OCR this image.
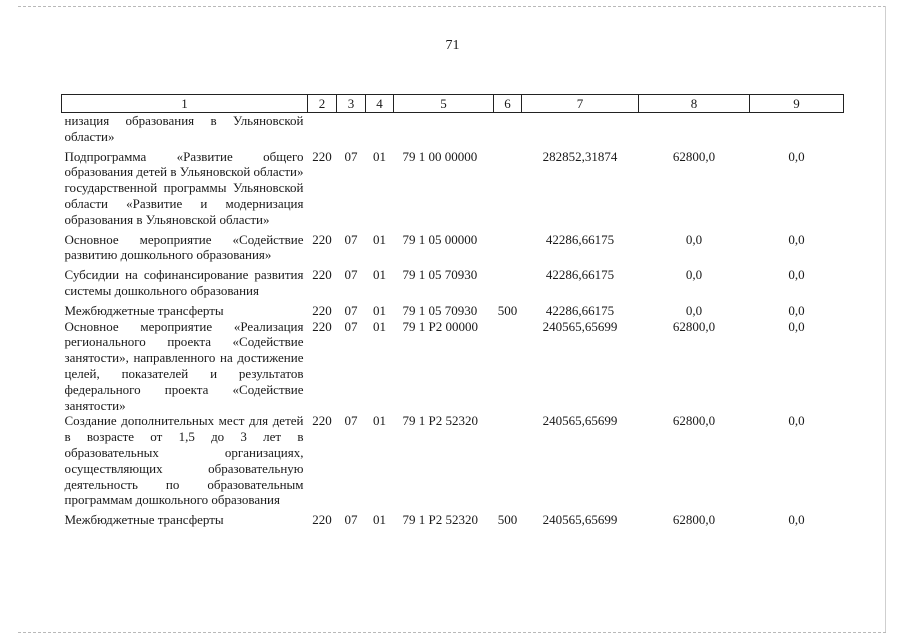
71
1	2	3	4	5	6	7	8	9
низация образования в Ульяновской области»								
Подпрограмма «Развитие общего образования детей в Ульяновской области» государственной программы Ульяновской области «Развитие и модернизация образования в Ульяновской области»	220	07	01	79 1 00 00000		282852,31874	62800,0	0,0
Основное мероприятие «Содействие развитию дошкольного образования»	220	07	01	79 1 05 00000		42286,66175	0,0	0,0
Субсидии на софинансирование развития системы дошкольного образования	220	07	01	79 1 05 70930		42286,66175	0,0	0,0
Межбюджетные трансферты	220	07	01	79 1 05 70930	500	42286,66175	0,0	0,0
Основное мероприятие «Реализация регионального проекта «Содействие занятости», направленного на достижение целей, показателей и результатов федерального проекта «Содействие занятости»	220	07	01	79 1 P2 00000		240565,65699	62800,0	0,0
Создание дополнительных мест для детей в возрасте от 1,5 до 3 лет в образовательных организациях, осуществляющих образовательную деятельность по образовательным программам дошкольного образования	220	07	01	79 1 P2 52320		240565,65699	62800,0	0,0
Межбюджетные трансферты	220	07	01	79 1 P2 52320	500	240565,65699	62800,0	0,0
